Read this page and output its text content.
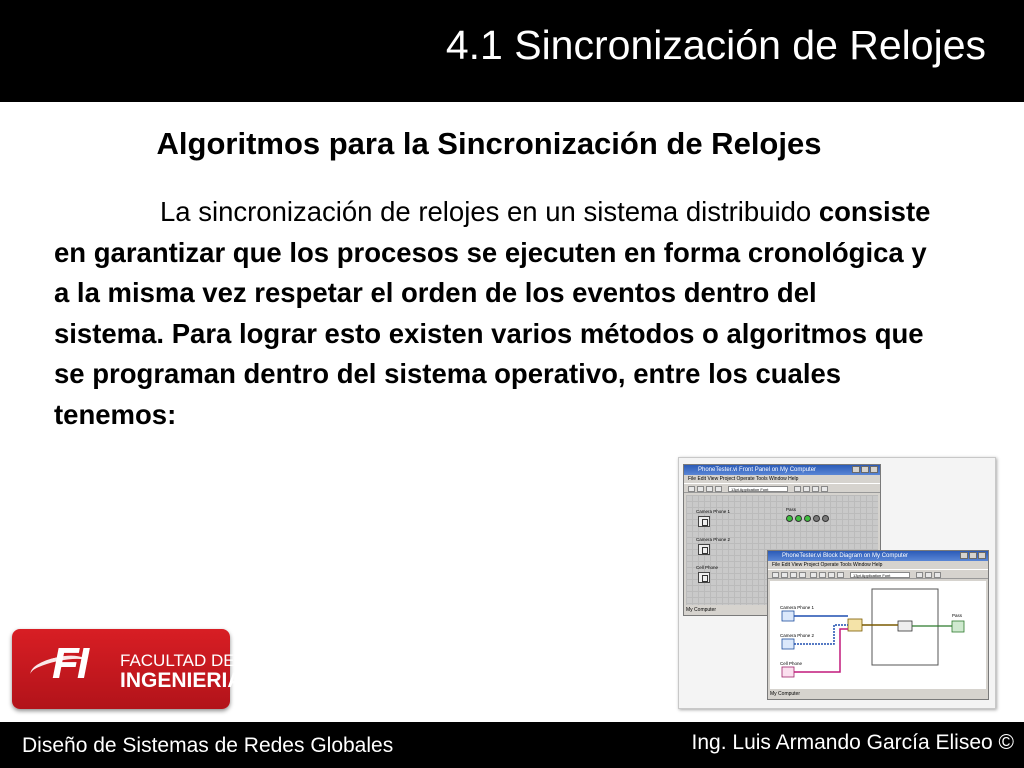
4.1 Sincronización de Relojes
Algoritmos para la Sincronización de Relojes
La sincronización de relojes en un sistema distribuido consiste en garantizar que los procesos se ejecuten en forma cronológica y a la misma vez respetar el orden de los eventos dentro del sistema. Para lograr esto existen varios métodos o algoritmos que se programan dentro del sistema operativo, entre los cuales tenemos:
PhoneTester.vi Front Panel on My Computer
File Edit View Project Operate Tools Window Help
13pt Application Font
Camera Phone 1
Camera Phone 2
Cell Phone
Pass
My Computer
PhoneTester.vi Block Diagram on My Computer
File Edit View Project Operate Tools Window Help
13pt Application Font
Camera Phone 1
Camera Phone 2
Cell Phone
Pass
My Computer
FI FACULTAD DE
INGENIERIA
Diseño de Sistemas de Redes Globales	Ing. Luis Armando García Eliseo ©
